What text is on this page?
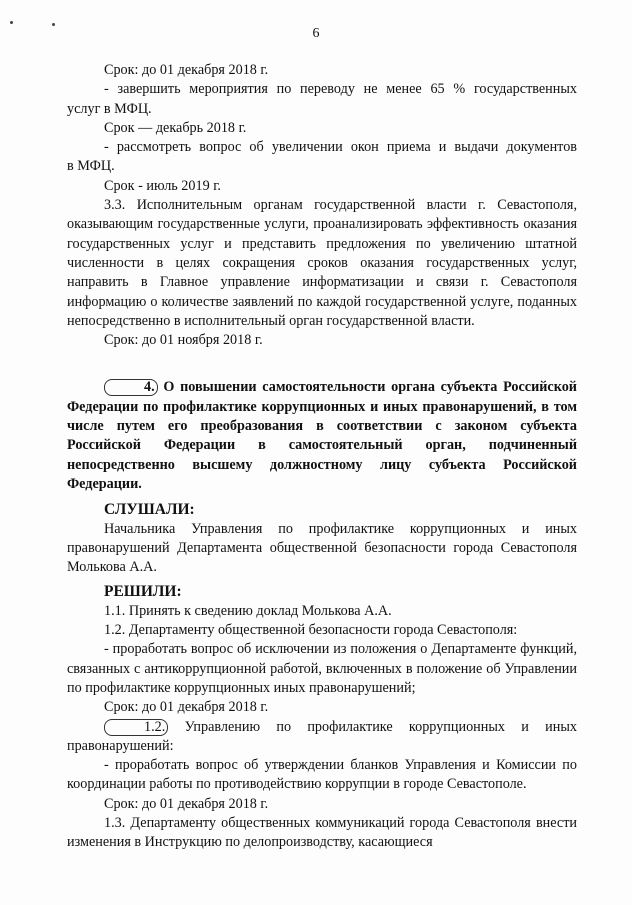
6

Срок: до 01 декабря 2018 г.

- завершить мероприятия по переводу не менее 65 % государственных

услуг в МФЦ.

Срок — декабрь 2018 г.

- рассмотреть вопрос об увеличении окон приема и выдачи документов

в МФЦ.

Срок - июль 2019 г.

3.3. Исполнительным органам государственной власти г. Севастополя, оказывающим государственные услуги, проанализировать эффективность оказания государственных услуг и представить предложения по увеличению штатной численности в целях сокращения сроков оказания государственных услуг, направить в Главное управление информатизации и связи г. Севастополя информацию о количестве заявлений по каждой государственной услуге, поданных непосредственно в исполнительный орган государственной власти.

Срок: до 01 ноября 2018 г.

4. О повышении самостоятельности органа субъекта Российской Федерации по профилактике коррупционных и иных правонарушений, в том числе путем его преобразования в соответствии с законом субъекта Российской Федерации в самостоятельный орган, подчиненный непосредственно высшему должностному лицу субъекта Российской Федерации.

СЛУШАЛИ:

Начальника Управления по профилактике коррупционных и иных правонарушений Департамента общественной безопасности города Севастополя Молькова А.А.

РЕШИЛИ:

1.1. Принять к сведению доклад Молькова А.А.

1.2. Департаменту общественной безопасности города Севастополя:

- проработать вопрос об исключении из положения о Департаменте функций, связанных с антикоррупционной работой, включенных в положение об Управлении по профилактике коррупционных иных правонарушений;

Срок: до 01 декабря 2018 г.

1.2. Управлению по профилактике коррупционных и иных правонарушений:

- проработать вопрос об утверждении бланков Управления и Комиссии по координации работы по противодействию коррупции в городе Севастополе.

Срок: до 01 декабря 2018 г.

1.3. Департаменту общественных коммуникаций города Севастополя внести изменения в Инструкцию по делопроизводству, касающиеся
